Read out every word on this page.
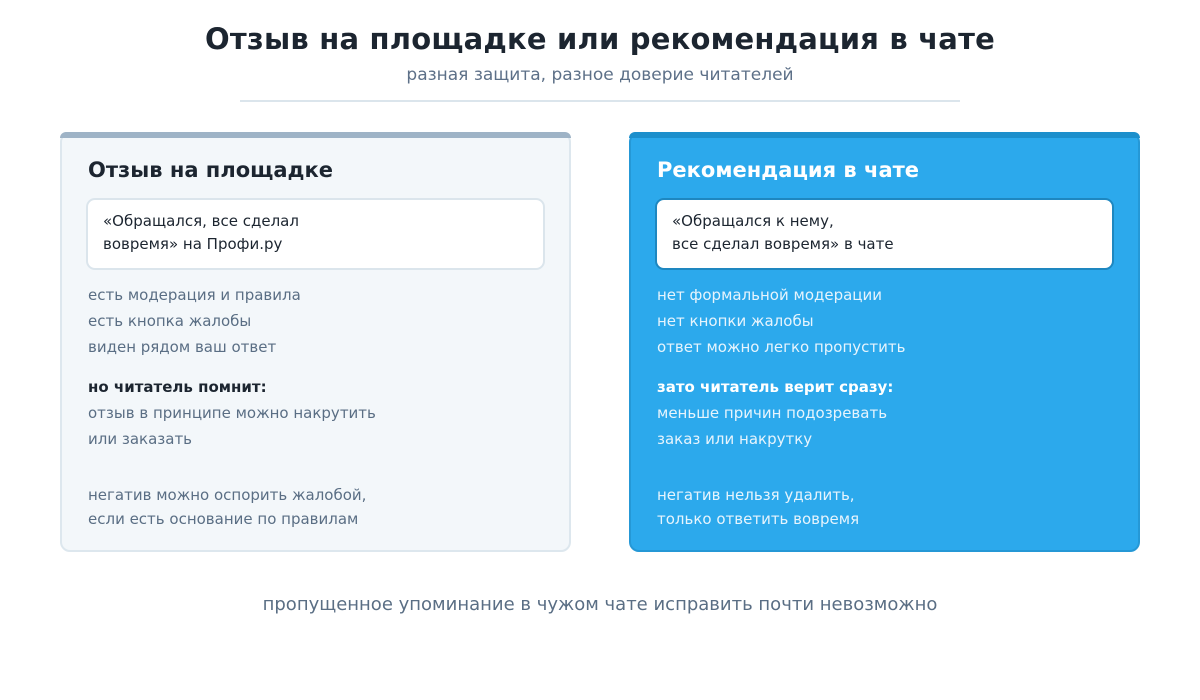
Отзыв на площадке или рекомендация в чате
разная защита, разное доверие читателей
Отзыв на площадке
«Обращался, все сделал
вовремя» на Профи.ру
есть модерация и правила
есть кнопка жалобы
виден рядом ваш ответ
но читатель помнит:
отзыв в принципе можно накрутить
или заказать
негатив можно оспорить жалобой,
если есть основание по правилам
Рекомендация в чате
«Обращался к нему,
все сделал вовремя» в чате
нет формальной модерации
нет кнопки жалобы
ответ можно легко пропустить
зато читатель верит сразу:
меньше причин подозревать
заказ или накрутку
негатив нельзя удалить,
только ответить вовремя
пропущенное упоминание в чужом чате исправить почти невозможно
